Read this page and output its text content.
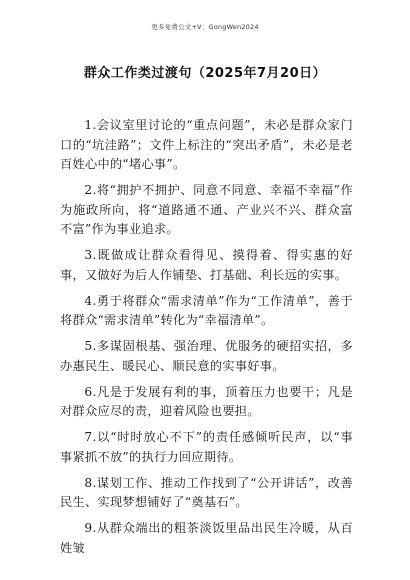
更多免费公文+V：GongWen2024
群众工作类过渡句（2025年7月20日）

1.会议室里讨论的“重点问题”，未必是群众家门口的“坑洼路”；文件上标注的“突出矛盾”，未必是老百姓心中的“堵心事”。

2.将“拥护不拥护、同意不同意、幸福不幸福”作为施政所向，将“道路通不通、产业兴不兴、群众富不富”作为事业追求。

3.既做成让群众看得见、摸得着、得实惠的好事，又做好为后人作铺垫、打基础、利长远的实事。

4.勇于将群众“需求清单”作为“工作清单”，善于将群众“需求清单”转化为“幸福清单”。

5.多谋固根基、强治理、优服务的硬招实招，多办惠民生、暖民心、顺民意的实事好事。

6.凡是于发展有利的事，顶着压力也要干；凡是对群众应尽的责，迎着风险也要担。

7.以“时时放心不下”的责任感倾听民声，以“事事紧抓不放”的执行力回应期待。

8.谋划工作、推动工作找到了“公开讲话”，改善民生、实现梦想铺好了“奠基石”。

9.从群众端出的粗茶淡饭里品出民生冷暖，从百姓皱
